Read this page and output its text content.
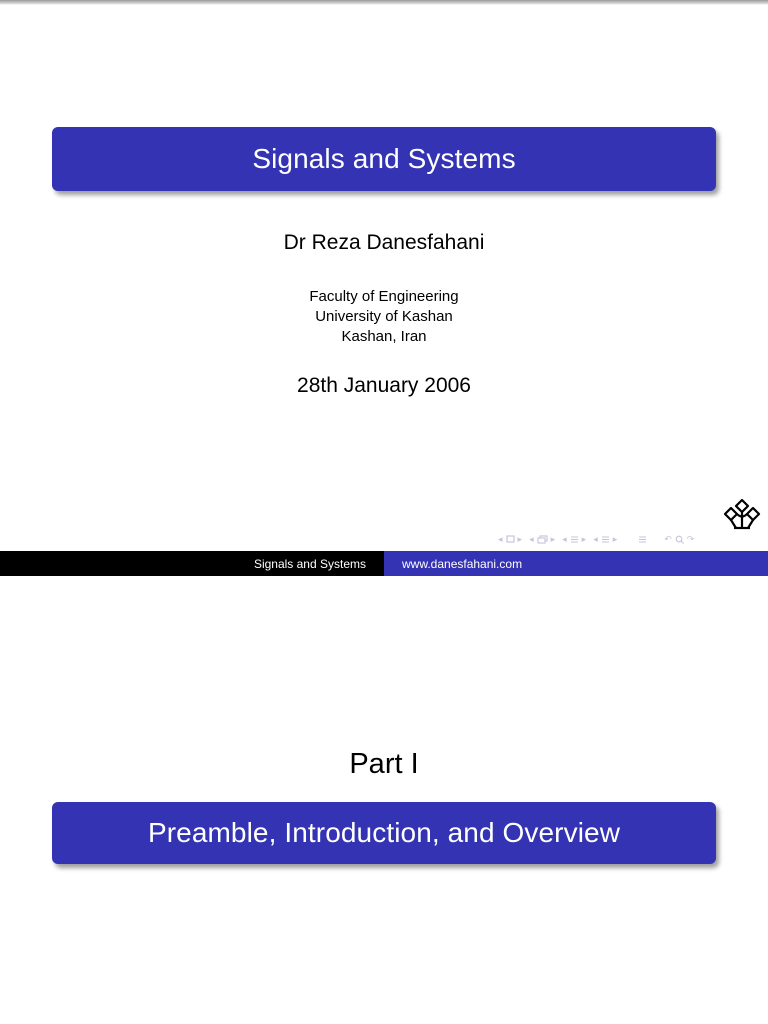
Signals and Systems
Dr Reza Danesfahani
Faculty of Engineering
University of Kashan
Kashan, Iran
28th January 2006
◂ ▸ ◂ ▸ ◂ ▸ ◂ ▸	↶ ↷
Signals and Systems	www.danesfahani.com
Part I
Preamble, Introduction, and Overview
